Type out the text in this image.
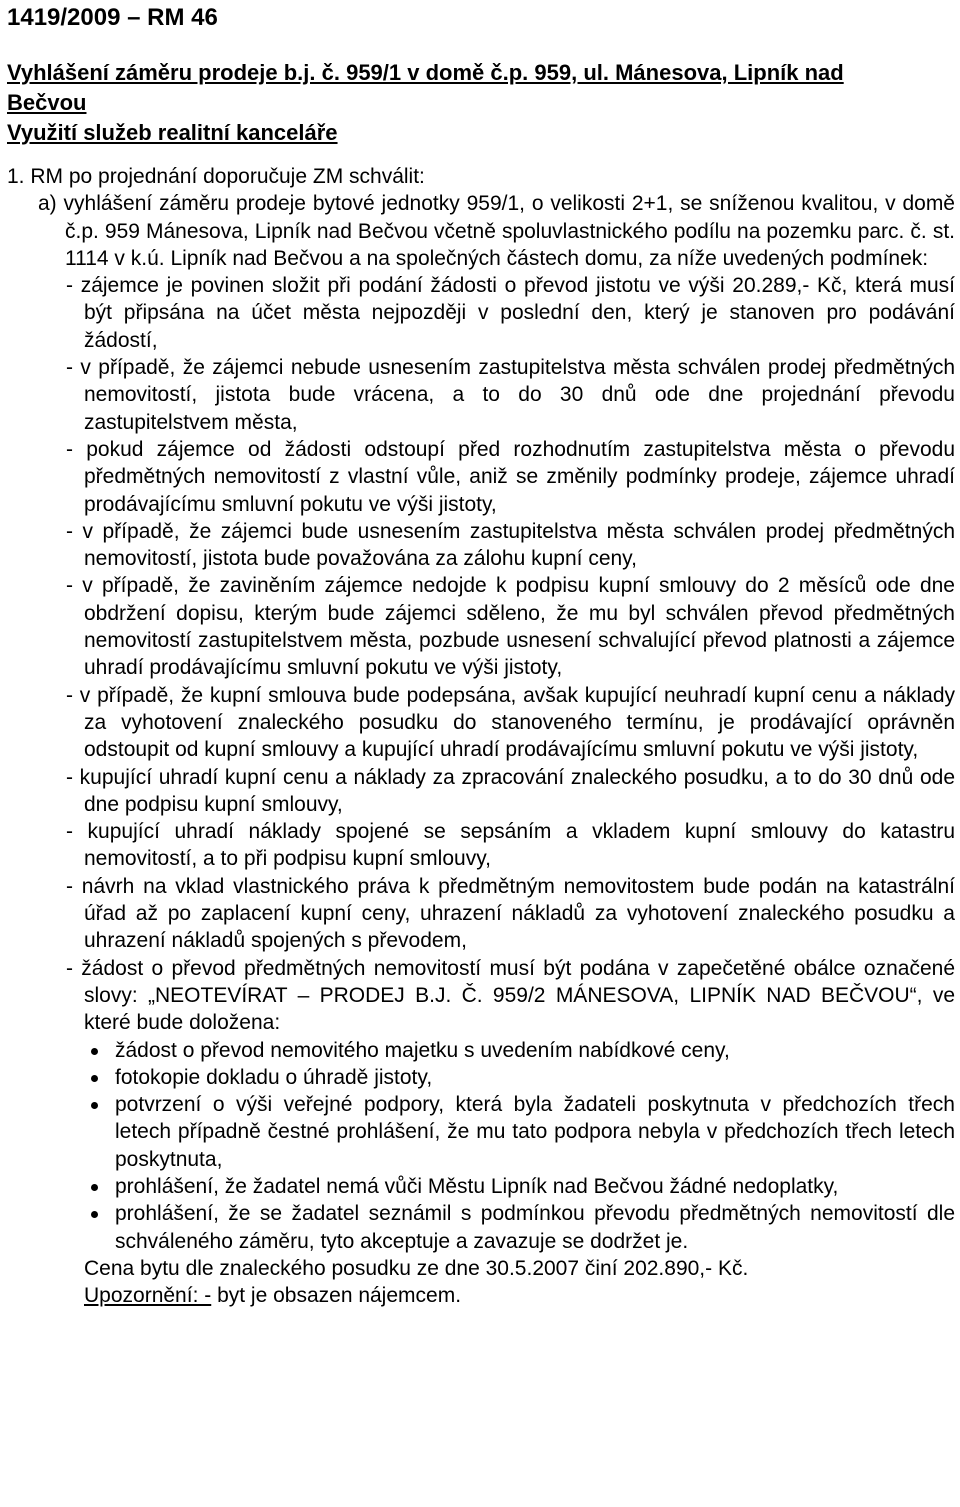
1419/2009 – RM 46
Vyhlášení záměru prodeje b.j. č. 959/1 v domě č.p. 959, ul. Mánesova, Lipník nad
Bečvou
Využití služeb realitní kanceláře
1. RM po projednání doporučuje ZM schválit:
a) vyhlášení záměru prodeje bytové jednotky 959/1, o velikosti 2+1, se sníženou kvalitou, v domě č.p. 959 Mánesova, Lipník nad Bečvou včetně spoluvlastnického podílu na pozemku parc. č. st. 1114 v k.ú. Lipník nad Bečvou a na společných částech domu, za níže uvedených podmínek:
- zájemce je povinen složit při podání žádosti o převod jistotu ve výši 20.289,- Kč, která musí být připsána na účet města nejpozději v poslední den, který je stanoven pro podávání žádostí,
- v případě, že zájemci nebude usnesením zastupitelstva města schválen prodej předmětných nemovitostí, jistota bude vrácena, a to do 30 dnů ode dne projednání převodu zastupitelstvem města,
- pokud zájemce od žádosti odstoupí před rozhodnutím zastupitelstva města o převodu předmětných nemovitostí z vlastní vůle, aniž se změnily podmínky prodeje, zájemce uhradí prodávajícímu smluvní pokutu ve výši jistoty,
- v případě, že zájemci bude usnesením zastupitelstva města schválen prodej předmětných nemovitostí, jistota bude považována za zálohu kupní ceny,
- v případě, že zaviněním zájemce nedojde k podpisu kupní smlouvy do 2 měsíců ode dne obdržení dopisu, kterým bude zájemci sděleno, že mu byl schválen převod předmětných nemovitostí zastupitelstvem města, pozbude usnesení schvalující převod platnosti a zájemce uhradí prodávajícímu smluvní pokutu ve výši jistoty,
- v případě, že kupní smlouva bude podepsána, avšak kupující neuhradí kupní cenu a náklady za vyhotovení znaleckého posudku do stanoveného termínu, je prodávající oprávněn odstoupit od kupní smlouvy a kupující uhradí prodávajícímu smluvní pokutu ve výši jistoty,
- kupující uhradí kupní cenu a náklady za zpracování znaleckého posudku, a to do 30 dnů ode dne podpisu kupní smlouvy,
- kupující uhradí náklady spojené se sepsáním a vkladem kupní smlouvy do katastru nemovitostí, a to při podpisu kupní smlouvy,
- návrh na vklad vlastnického práva k předmětným nemovitostem bude podán na katastrální úřad až po zaplacení kupní ceny, uhrazení nákladů za vyhotovení znaleckého posudku a uhrazení nákladů spojených s převodem,
- žádost o převod předmětných nemovitostí musí být podána v zapečetěné obálce označené slovy: „NEOTEVÍRAT – PRODEJ B.J. Č. 959/2 MÁNESOVA, LIPNÍK NAD BEČVOU“, ve které bude doložena:
žádost o převod nemovitého majetku s uvedením nabídkové ceny,
fotokopie dokladu o úhradě jistoty,
potvrzení o výši veřejné podpory, která byla žadateli poskytnuta v předchozích třech letech případně čestné prohlášení, že mu tato podpora nebyla v předchozích třech letech poskytnuta,
prohlášení, že žadatel nemá vůči Městu Lipník nad Bečvou žádné nedoplatky,
prohlášení, že se žadatel seznámil s podmínkou převodu předmětných nemovitostí dle schváleného záměru, tyto akceptuje a zavazuje se dodržet je.
Cena bytu dle znaleckého posudku ze dne 30.5.2007 činí 202.890,- Kč.
Upozornění: - byt je obsazen nájemcem.
